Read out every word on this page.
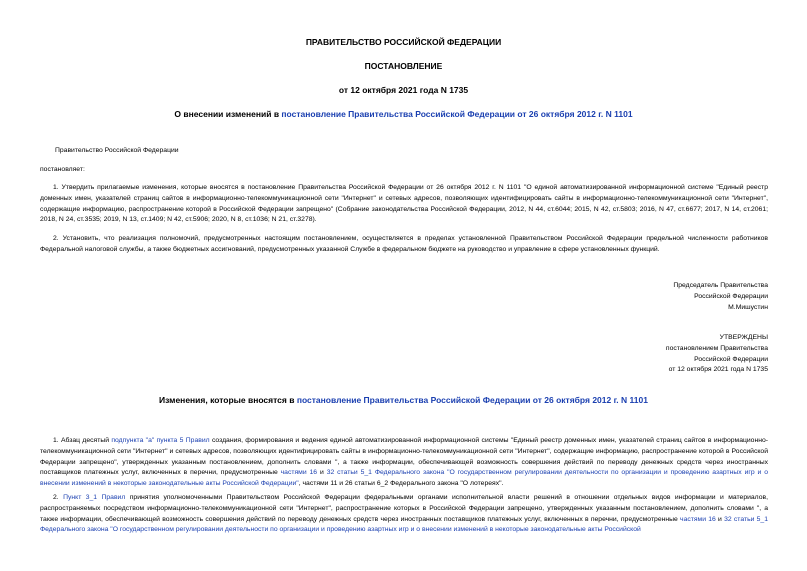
ПРАВИТЕЛЬСТВО РОССИЙСКОЙ ФЕДЕРАЦИИ
ПОСТАНОВЛЕНИЕ
от 12 октября 2021 года N 1735
О внесении изменений в постановление Правительства Российской Федерации от 26 октября 2012 г. N 1101
Правительство Российской Федерации
постановляет:
1. Утвердить прилагаемые изменения, которые вносятся в постановление Правительства Российской Федерации от 26 октября 2012 г. N 1101 "О единой автоматизированной информационной системе "Единый реестр доменных имен, указателей страниц сайтов в информационно-телекоммуникационной сети "Интернет" и сетевых адресов, позволяющих идентифицировать сайты в информационно-телекоммуникационной сети "Интернет", содержащие информацию, распространение которой в Российской Федерации запрещено" (Собрание законодательства Российской Федерации, 2012, N 44, ст.6044; 2015, N 42, ст.5803; 2016, N 47, ст.6677; 2017, N 14, ст.2061; 2018, N 24, ст.3535; 2019, N 13, ст.1409; N 42, ст.5906; 2020, N 8, ст.1036; N 21, ст.3278).
2. Установить, что реализация полномочий, предусмотренных настоящим постановлением, осуществляется в пределах установленной Правительством Российской Федерации предельной численности работников Федеральной налоговой службы, а также бюджетных ассигнований, предусмотренных указанной Службе в федеральном бюджете на руководство и управление в сфере установленных функций.
Председатель Правительства
Российской Федерации
М.Мишустин
УТВЕРЖДЕНЫ
постановлением Правительства
Российской Федерации
от 12 октября 2021 года N 1735
Изменения, которые вносятся в постановление Правительства Российской Федерации от 26 октября 2012 г. N 1101
1. Абзац десятый подпункта "а" пункта 5 Правил создания, формирования и ведения единой автоматизированной информационной системы "Единый реестр доменных имен, указателей страниц сайтов в информационно-телекоммуникационной сети "Интернет" и сетевых адресов, позволяющих идентифицировать сайты в информационно-телекоммуникационной сети "Интернет", содержащие информацию, распространение которой в Российской Федерации запрещено", утвержденных указанным постановлением, дополнить словами ", а также информации, обеспечивающей возможность совершения действий по переводу денежных средств через иностранных поставщиков платежных услуг, включенных в перечни, предусмотренные частями 16 и 32 статьи 5_1 Федерального закона "О государственном регулировании деятельности по организации и проведению азартных игр и о внесении изменений в некоторые законодательные акты Российской Федерации", частями 11 и 26 статьи 6_2 Федерального закона "О лотереях".
2. Пункт 3_1 Правил принятия уполномоченными Правительством Российской Федерации федеральными органами исполнительной власти решений в отношении отдельных видов информации и материалов, распространяемых посредством информационно-телекоммуникационной сети "Интернет", распространение которых в Российской Федерации запрещено, утвержденных указанным постановлением, дополнить словами ", а также информации, обеспечивающей возможность совершения действий по переводу денежных средств через иностранных поставщиков платежных услуг, включенных в перечни, предусмотренные частями 16 и 32 статьи 5_1 Федерального закона "О государственном регулировании деятельности по организации и проведению азартных игр и о внесении изменений в некоторые законодательные акты Российской
